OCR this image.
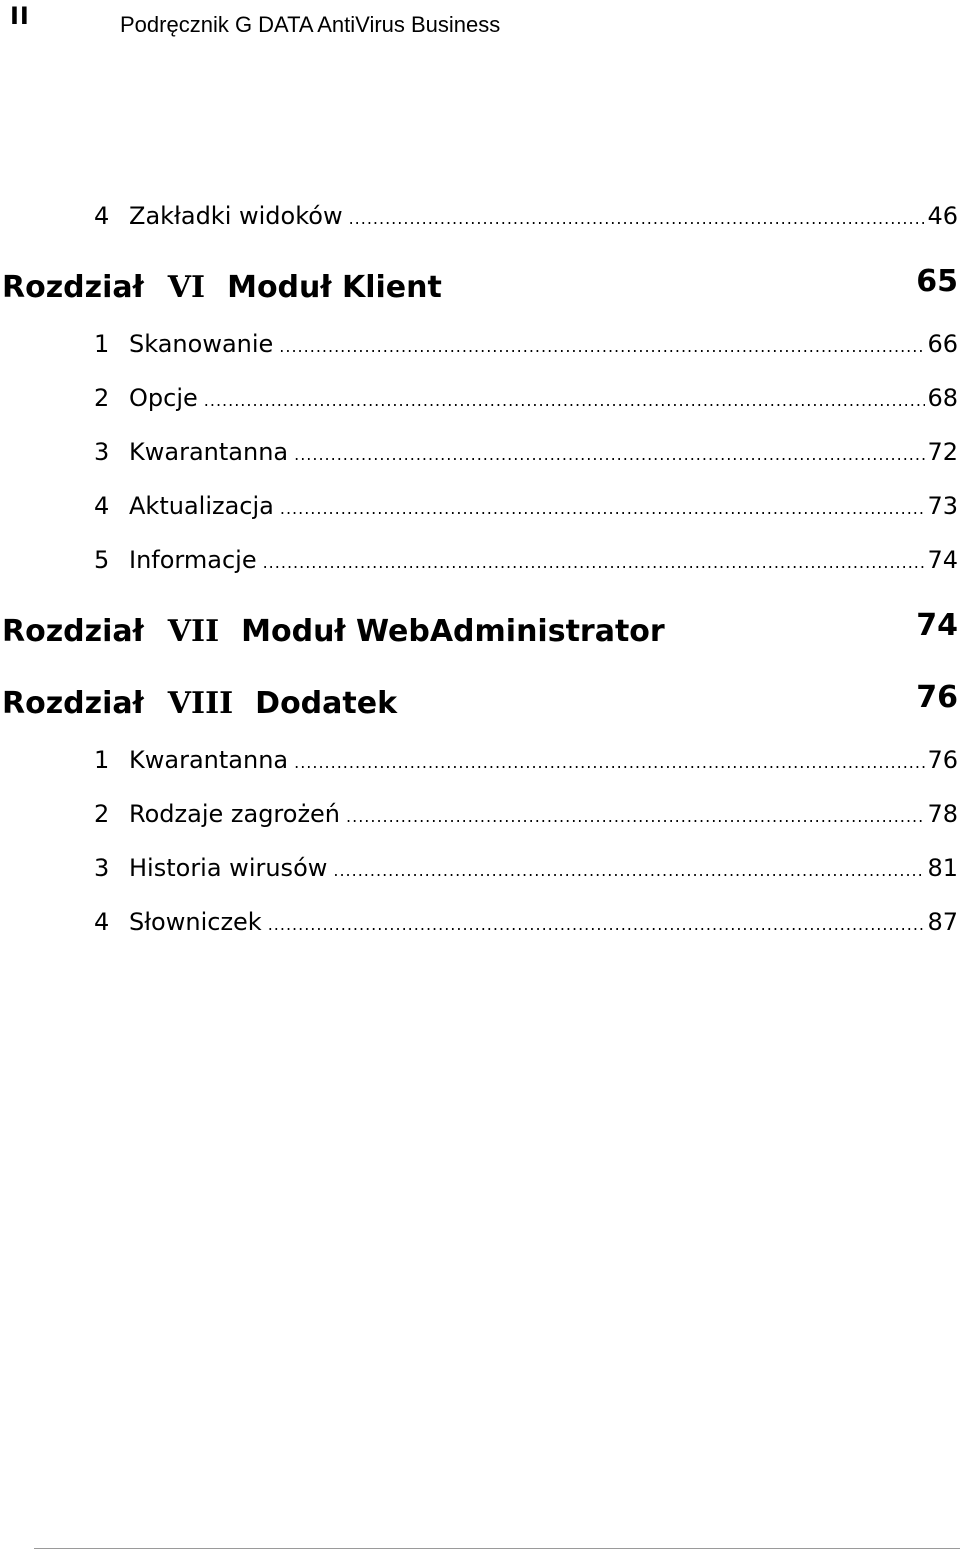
II	Podręcznik G DATA AntiVirus Business
4 Zakładki widoków .....	46
Rozdział VI Moduł Klient	65
1 Skanowanie .....	66
2 Opcje .....	68
3 Kwarantanna .....	72
4 Aktualizacja .....	73
5 Informacje .....	74
Rozdział VII Moduł WebAdministrator	74
Rozdział VIII Dodatek	76
1 Kwarantanna .....	76
2 Rodzaje zagrożeń .....	78
3 Historia wirusów .....	81
4 Słowniczek .....	87
